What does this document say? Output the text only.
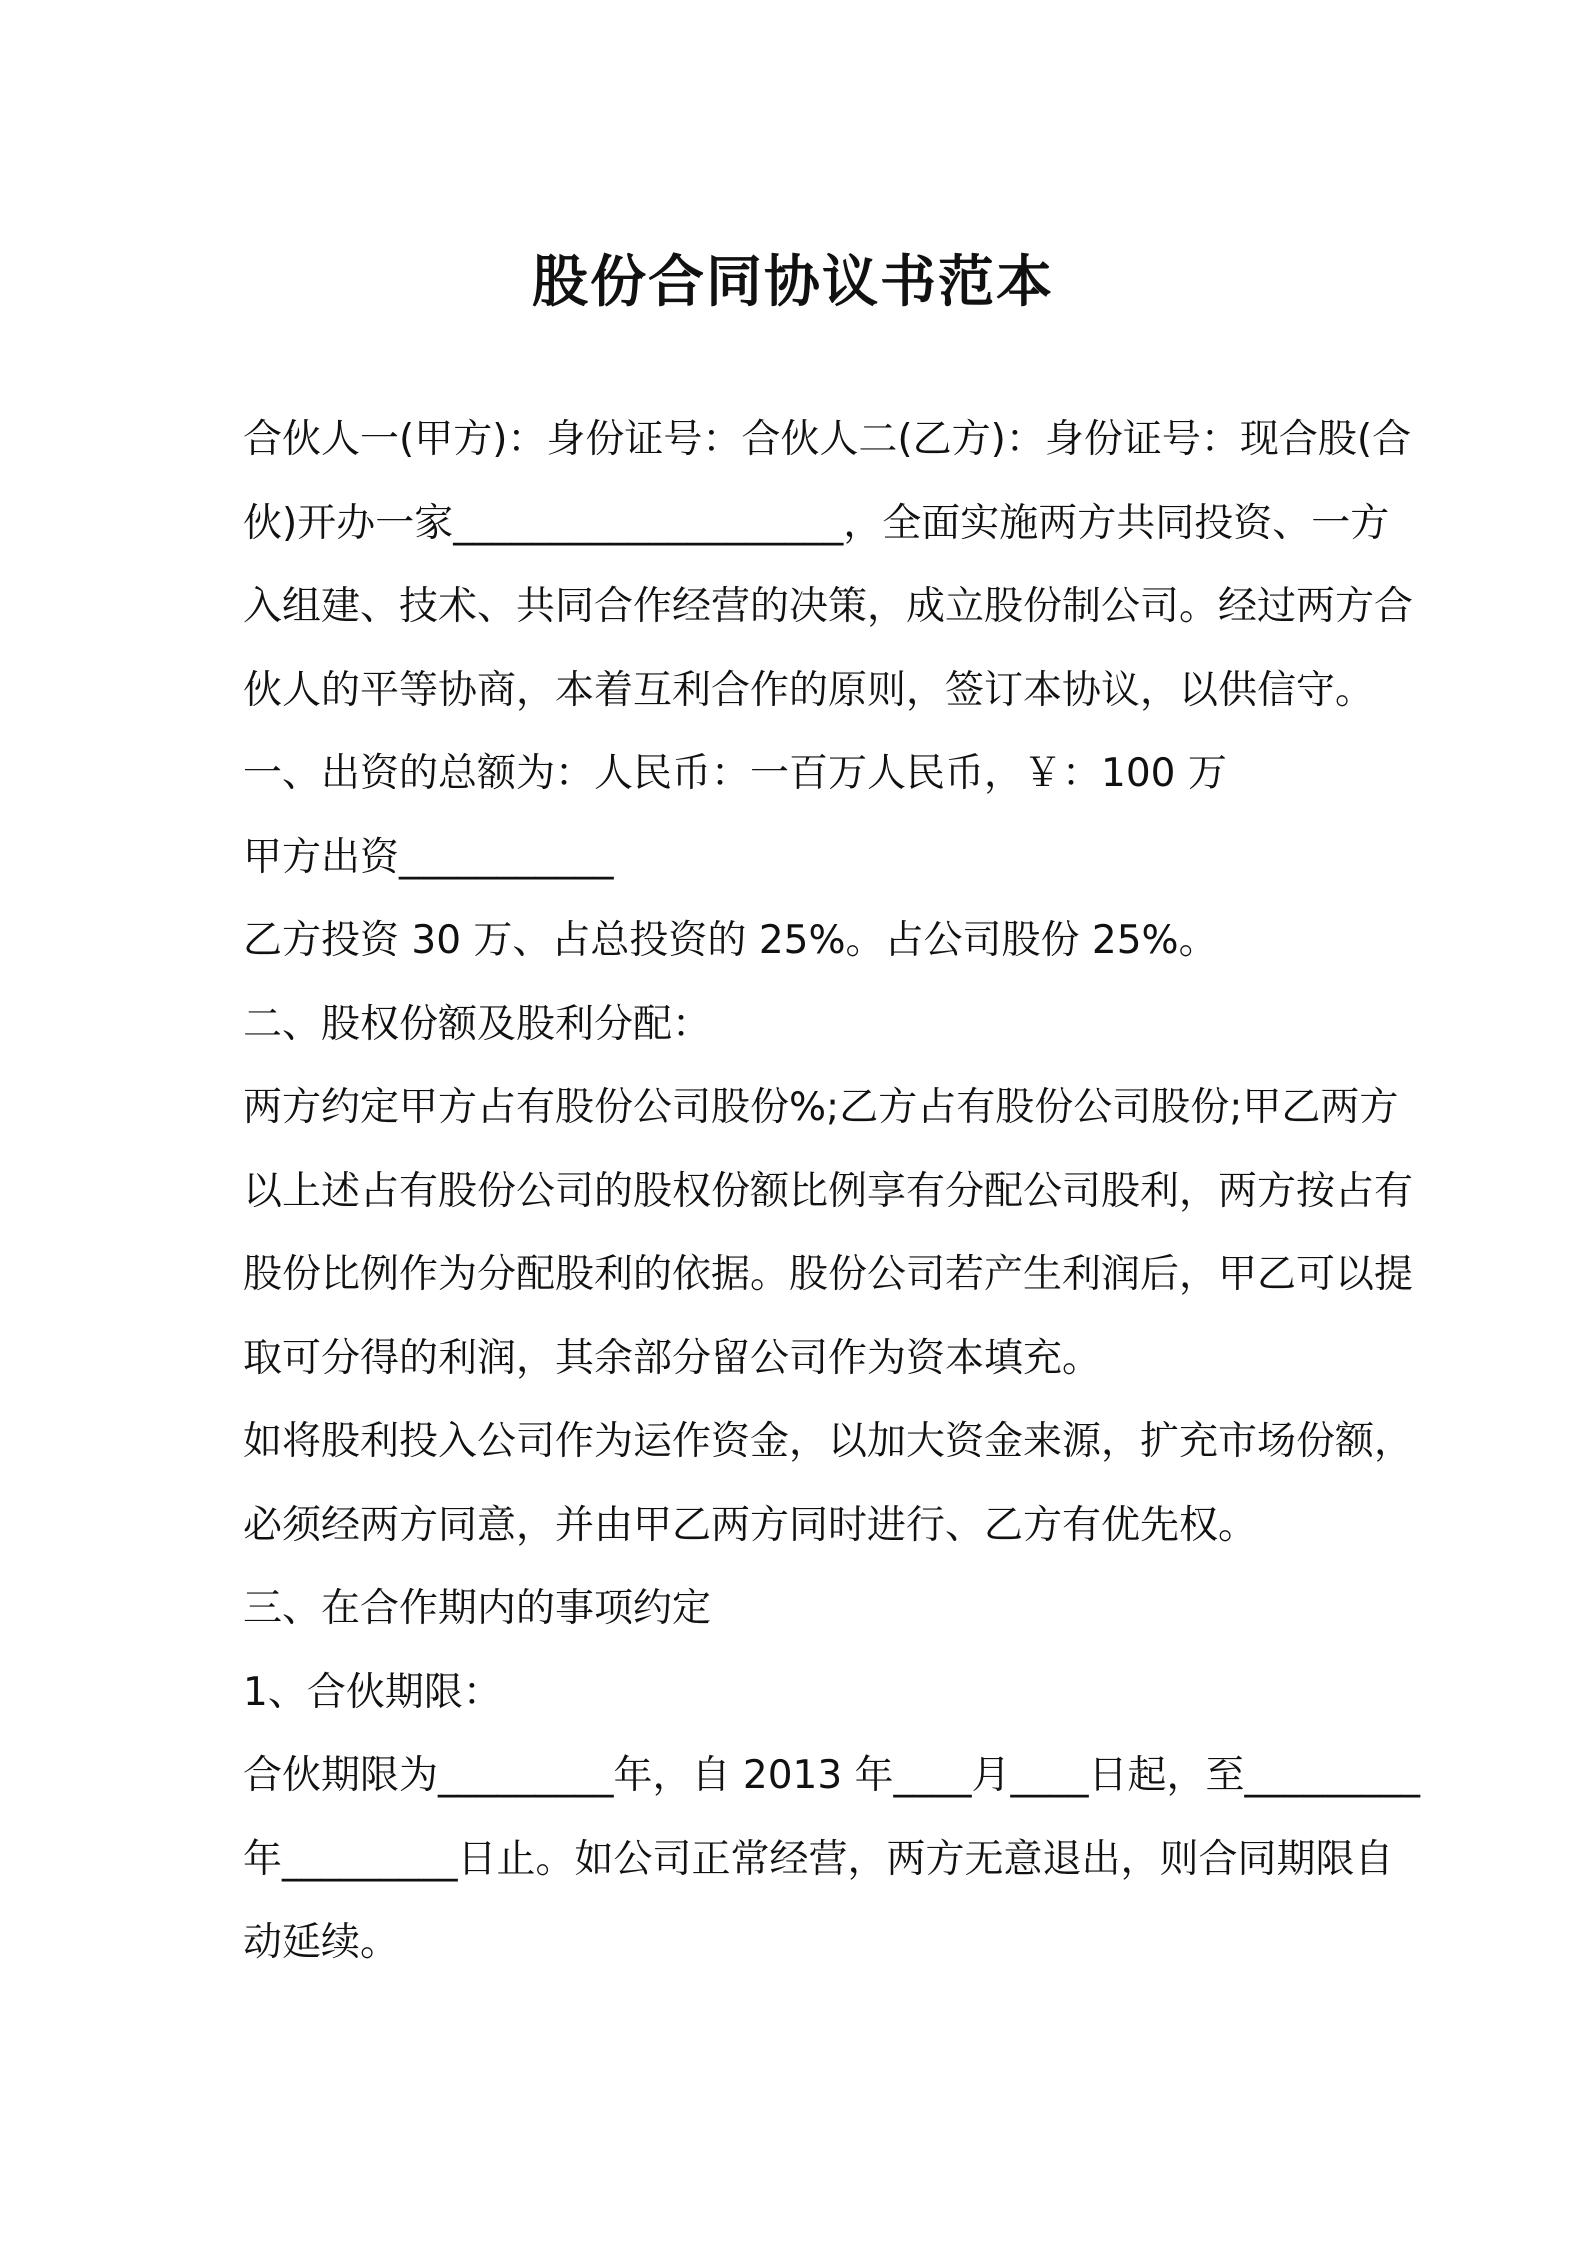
股份合同协议书范本

合伙人一(甲方)：身份证号：合伙人二(乙方)：身份证号：现合股(合

伙)开办一家____________________，全面实施两方共同投资、一方

入组建、技术、共同合作经营的决策，成立股份制公司。经过两方合

伙人的平等协商，本着互利合作的原则，签订本协议，以供信守。

一、出资的总额为：人民币：一百万人民币，￥：100 万

甲方出资___________

乙方投资 30 万、占总投资的 25%。占公司股份 25%。

二、股权份额及股利分配：

两方约定甲方占有股份公司股份%;乙方占有股份公司股份;甲乙两方

以上述占有股份公司的股权份额比例享有分配公司股利，两方按占有

股份比例作为分配股利的依据。股份公司若产生利润后，甲乙可以提

取可分得的利润，其余部分留公司作为资本填充。

如将股利投入公司作为运作资金，以加大资金来源，扩充市场份额，

必须经两方同意，并由甲乙两方同时进行、乙方有优先权。

三、在合作期内的事项约定

1、合伙期限：

合伙期限为_________年，自 2013 年____月____日起，至_________

年_________日止。如公司正常经营，两方无意退出，则合同期限自

动延续。
